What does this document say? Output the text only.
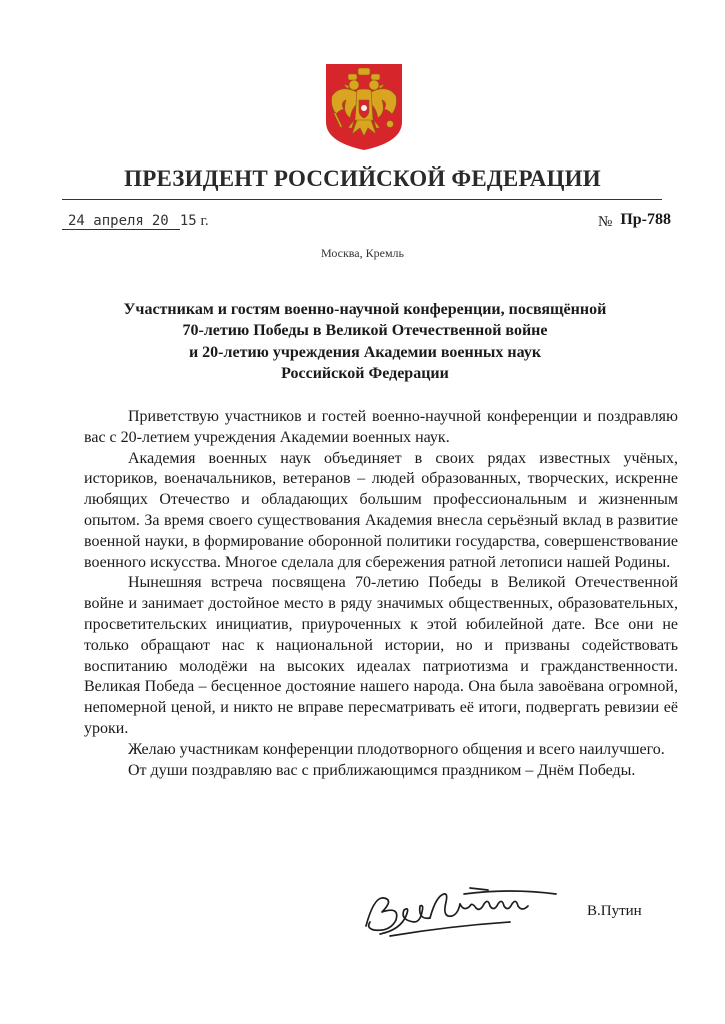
ПРЕЗИДЕНТ РОССИЙСКОЙ ФЕДЕРАЦИИ
24 апреля 20 15 г.	№ Пр-788
Москва, Кремль
Участникам и гостям военно-научной конференции, посвящённой
70-летию Победы в Великой Отечественной войне
и 20-летию учреждения Академии военных наук
Российской Федерации

Приветствую участников и гостей военно-научной конференции и поздравляю вас с 20-летием учреждения Академии военных наук.

Академия военных наук объединяет в своих рядах известных учёных, историков, военачальников, ветеранов – людей образованных, творческих, искренне любящих Отечество и обладающих большим профессиональным и жизненным опытом. За время своего существования Академия внесла серьёзный вклад в развитие военной науки, в формирование оборонной политики государства, совершенствование военного искусства. Многое сделала для сбережения ратной летописи нашей Родины.

Нынешняя встреча посвящена 70-летию Победы в Великой Отечественной войне и занимает достойное место в ряду значимых общественных, образовательных, просветительских инициатив, приуроченных к этой юбилейной дате. Все они не только обращают нас к национальной истории, но и призваны содействовать воспитанию молодёжи на высоких идеалах патриотизма и гражданственности. Великая Победа – бесценное достояние нашего народа. Она была завоёвана огромной, непомерной ценой, и никто не вправе пересматривать её итоги, подвергать ревизии её уроки.

Желаю участникам конференции плодотворного общения и всего наилучшего.

От души поздравляю вас с приближающимся праздником – Днём Победы.

В.Путин
